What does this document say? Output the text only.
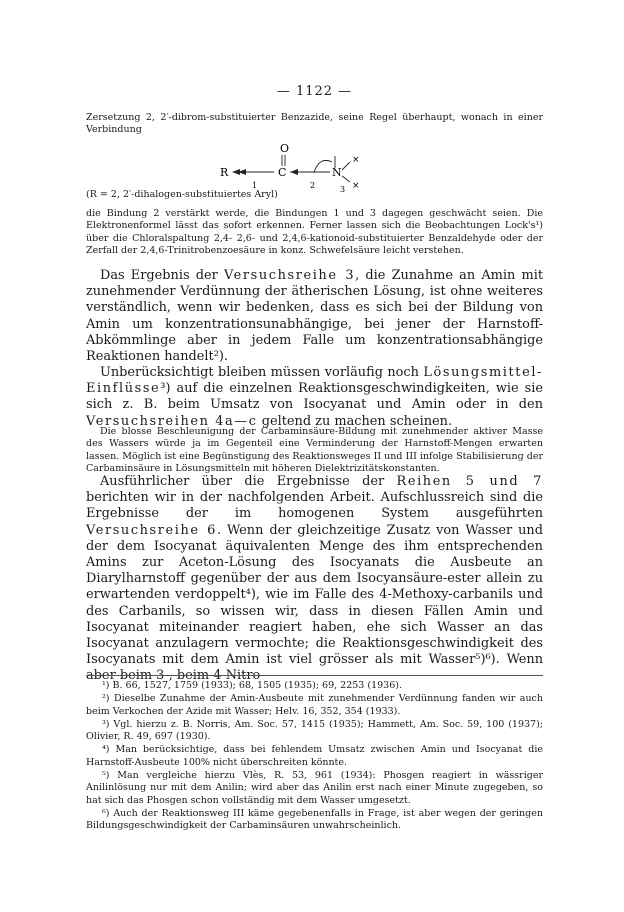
— 1122 —

Zersetzung 2, 2′-dibrom-substituierter Benzazide, seine Regel überhaupt, wonach in einer Verbindung

O
R
1
C
2
N
×
×
3
(R = 2, 2′-dihalogen-substituiertes Aryl)

die Bindung 2 verstärkt werde, die Bindungen 1 und 3 dagegen geschwächt seien. Die Elektronenformel lässt das sofort erkennen. Ferner lassen sich die Beobachtungen Lock's¹) über die Chloralspaltung 2,4- 2,6- und 2,4,6-kationoid-substituierter Benzaldehyde oder der Zerfall der 2,4,6-Trinitrobenzoesäure in konz. Schwefelsäure leicht verstehen.

Das Ergebnis der Versuchsreihe 3, die Zunahme an Amin mit zunehmender Verdünnung der ätherischen Lösung, ist ohne weiteres verständlich, wenn wir bedenken, dass es sich bei der Bildung von Amin um konzentrationsunabhängige, bei jener der Harnstoff-Abkömmlinge aber in jedem Falle um konzentrationsabhängige Reaktionen handelt²).

Unberücksichtigt bleiben müssen vorläufig noch Lösungsmittel-Einflüsse³) auf die einzelnen Reaktionsgeschwindigkeiten, wie sie sich z. B. beim Umsatz von Isocyanat und Amin oder in den Versuchsreihen 4a—c geltend zu machen scheinen.

Die blosse Beschleunigung der Carbaminsäure-Bildung mit zunehmender aktiver Masse des Wassers würde ja im Gegenteil eine Verminderung der Harnstoff-Mengen erwarten lassen. Möglich ist eine Begünstigung des Reaktionsweges II und III infolge Stabilisierung der Carbaminsäure in Lösungsmitteln mit höheren Dielektrizitätskonstanten.

Ausführlicher über die Ergebnisse der Reihen 5 und 7 berichten wir in der nachfolgenden Arbeit. Aufschlussreich sind die Ergebnisse der im homogenen System ausgeführten Versuchsreihe 6. Wenn der gleichzeitige Zusatz von Wasser und der dem Isocyanat äquivalenten Menge des ihm entsprechenden Amins zur Aceton-Lösung des Isocyanats die Ausbeute an Diarylharnstoff gegenüber der aus dem Isocyansäure-ester allein zu erwartenden verdoppelt⁴), wie im Falle des 4-Methoxy-carbanils und des Carbanils, so wissen wir, dass in diesen Fällen Amin und Isocyanat miteinander reagiert haben, ehe sich Wasser an das Isocyanat anzulagern vermochte; die Reaktionsgeschwindigkeit des Isocyanats mit dem Amin ist viel grösser als mit Wasser⁵)⁶). Wenn aber beim 3-, beim 4-Nitro-

¹) B. 66, 1527, 1759 (1933); 68, 1505 (1935); 69, 2253 (1936).

²) Dieselbe Zunahme der Amin-Ausbeute mit zunehmender Verdünnung fanden wir auch beim Verkochen der Azide mit Wasser; Helv. 16, 352, 354 (1933).

³) Vgl. hierzu z. B. Norris, Am. Soc. 57, 1415 (1935); Hammett, Am. Soc. 59, 100 (1937); Olivier, R. 49, 697 (1930).

⁴) Man berücksichtige, dass bei fehlendem Umsatz zwischen Amin und Isocyanat die Harnstoff-Ausbeute 100% nicht überschreiten könnte.

⁵) Man vergleiche hierzu Vlès, R. 53, 961 (1934): Phosgen reagiert in wässriger Anilinlösung nur mit dem Anilin; wird aber das Anilin erst nach einer Minute zugegeben, so hat sich das Phosgen schon vollständig mit dem Wasser umgesetzt.

⁶) Auch der Reaktionsweg III käme gegebenenfalls in Frage, ist aber wegen der geringen Bildungsgeschwindigkeit der Carbaminsäuren unwahrscheinlich.
